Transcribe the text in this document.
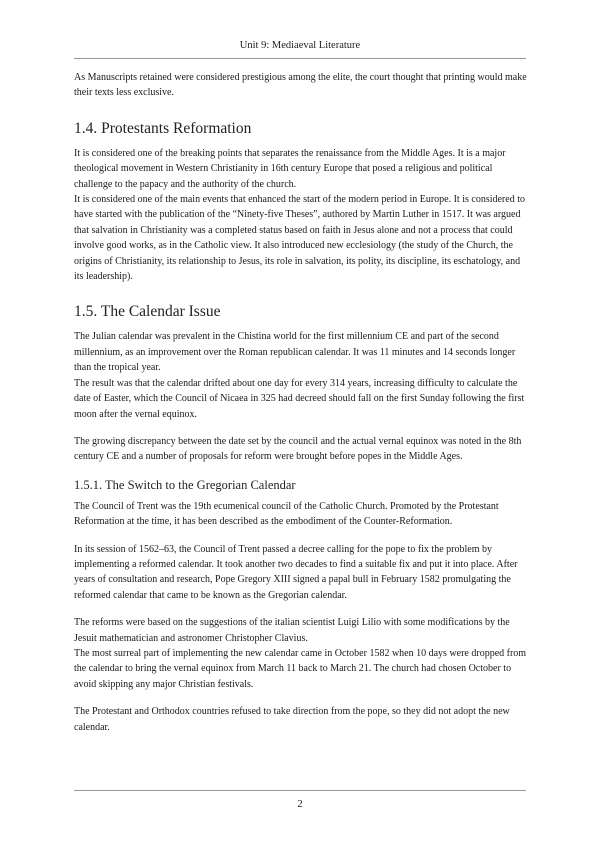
Unit 9: Mediaeval Literature

As Manuscripts retained were considered prestigious among the elite, the court thought that printing would make their texts less exclusive.

1.4. Protestants Reformation

It is considered one of the breaking points that separates the renaissance from the Middle Ages. It is a major theological movement in Western Christianity in 16th century Europe that posed a religious and political challenge to the papacy and the authority of the church.

It is considered one of the main events that enhanced the start of the modern period in Europe. It is considered to have started with the publication of the “Ninety-five Theses”, authored by Martin Luther in 1517. It was argued that salvation in Christianity was a completed status based on faith in Jesus alone and not a process that could involve good works, as in the Catholic view. It also introduced new ecclesiology (the study of the Church, the origins of Christianity, its relationship to Jesus, its role in salvation, its polity, its discipline, its eschatology, and its leadership).

1.5. The Calendar Issue

The Julian calendar was prevalent in the Chistina world for the first millennium CE and part of the second millennium, as an improvement over the Roman republican calendar. It was 11 minutes and 14 seconds longer than the tropical year.

The result was that the calendar drifted about one day for every 314 years, increasing difficulty to calculate the date of Easter, which the Council of Nicaea in 325 had decreed should fall on the first Sunday following the first moon after the vernal equinox.

The growing discrepancy between the date set by the council and the actual vernal equinox was noted in the 8th century CE and a number of proposals for reform were brought before popes in the Middle Ages.

1.5.1. The Switch to the Gregorian Calendar

The Council of Trent was the 19th ecumenical council of the Catholic Church. Promoted by the Protestant Reformation at the time, it has been described as the embodiment of the Counter-Reformation.

In its session of 1562–63, the Council of Trent passed a decree calling for the pope to fix the problem by implementing a reformed calendar. It took another two decades to find a suitable fix and put it into place. After years of consultation and research, Pope Gregory XIII signed a papal bull in February 1582 promulgating the reformed calendar that came to be known as the Gregorian calendar.

The reforms were based on the suggestions of the italian scientist Luigi Lilio with some modifications by the Jesuit mathematician and astronomer Christopher Clavius.

The most surreal part of implementing the new calendar came in October 1582 when 10 days were dropped from the calendar to bring the vernal equinox from March 11 back to March 21. The church had chosen October to avoid skipping any major Christian festivals.

The Protestant and Orthodox countries refused to take direction from the pope, so they did not adopt the new calendar.

2
